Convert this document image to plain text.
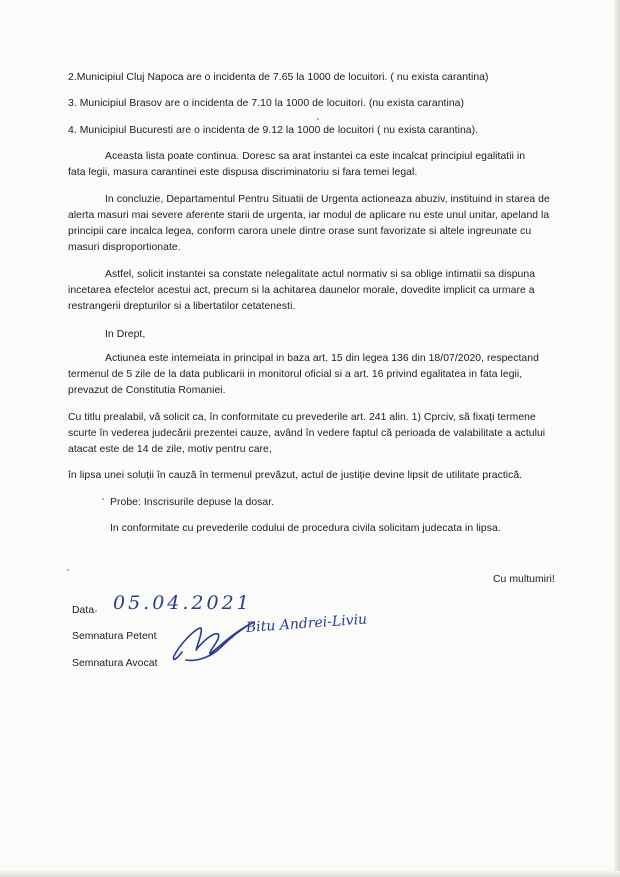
2.Municipiul Cluj Napoca are o incidenta de 7.65 la 1000 de locuitori. ( nu exista carantina)
3. Municipiul Brasov are o incidenta de 7.10 la 1000 de locuitori. (nu exista carantina)
4. Municipiul Bucuresti are o incidenta de 9.12 la 1000 de locuitori ( nu exista carantina).
Aceasta lista poate continua. Doresc sa arat instantei ca este incalcat principiul egalitatii in
fata legii, masura carantinei este dispusa discriminatoriu si fara temei legal.
In concluzie, Departamentul Pentru Situatii de Urgenta actioneaza abuziv, instituind in starea de
alerta masuri mai severe aferente starii de urgenta, iar modul de aplicare nu este unul unitar, apeland la
principii care incalca legea, conform carora unele dintre orase sunt favorizate si altele ingreunate cu
masuri disproportionate.
Astfel, solicit instantei sa constate nelegalitate actul normativ si sa oblige intimatii sa dispuna
incetarea efectelor acestui act, precum si la achitarea daunelor morale, dovedite implicit ca urmare a
restrangerii drepturilor si a libertatilor cetatenesti.
In Drept,
Actiunea este intemeiata in principal in baza art. 15 din legea 136 din 18/07/2020, respectand
termenul de 5 zile de la data publicarii in monitorul oficial si a art. 16 privind egalitatea in fata legii,
prevazut de Constitutia Romaniei.
Cu titlu prealabil, vă solicit ca, în conformitate cu prevederile art. 241 alin. 1) Cprciv, să fixați termene
scurte în vederea judecării prezentei cauze, având în vedere faptul că perioada de valabilitate a actului
atacat este de 14 de zile, motiv pentru care,
în lipsa unei soluții în cauză în termenul prevăzut, actul de justiție devine lipsit de utilitate practică.
Probe: Inscrisurile depuse la dosar.
In conformitate cu prevederile codului de procedura civila solicitam judecata in lipsa.
Cu multumiri!
Data
Semnatura Petent
Semnatura Avocat
05.04.2021
Bitu Andrei-Liviu
